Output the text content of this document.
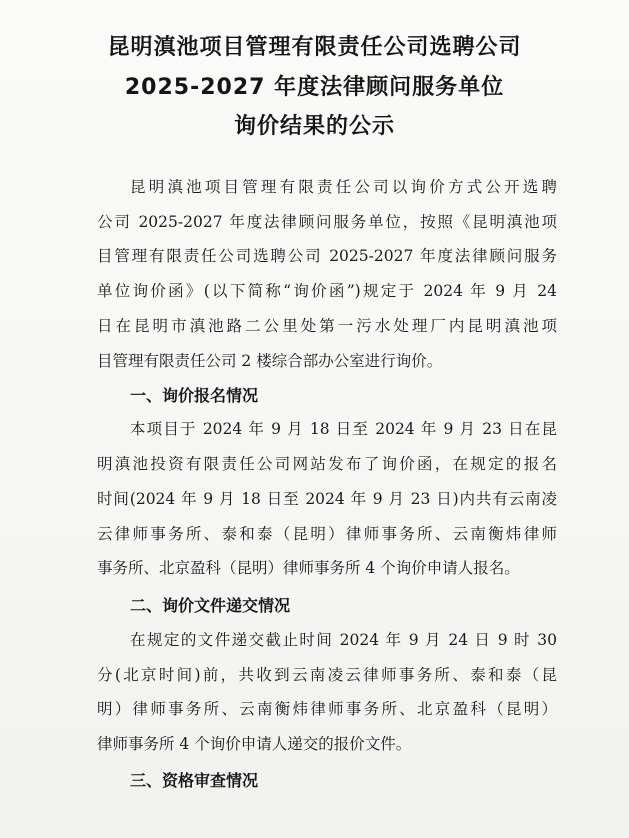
昆明滇池项目管理有限责任公司选聘公司
2025-2027 年度法律顾问服务单位
询价结果的公示
昆明滇池项目管理有限责任公司以询价方式公开选聘
公司 2025-2027 年度法律顾问服务单位，按照《昆明滇池项
目管理有限责任公司选聘公司 2025-2027 年度法律顾问服务
单位询价函》(以下简称“询价函”)规定于 2024 年 9 月 24
日在昆明市滇池路二公里处第一污水处理厂内昆明滇池项
目管理有限责任公司 2 楼综合部办公室进行询价。
一、询价报名情况
本项目于 2024 年 9 月 18 日至 2024 年 9 月 23 日在昆
明滇池投资有限责任公司网站发布了询价函，在规定的报名
时间(2024 年 9 月 18 日至 2024 年 9 月 23 日)内共有云南凌
云律师事务所、泰和泰（昆明）律师事务所、云南衡炜律师
事务所、北京盈科（昆明）律师事务所 4 个询价申请人报名。
二、询价文件递交情况
在规定的文件递交截止时间 2024 年 9 月 24 日 9 时 30
分(北京时间)前，共收到云南凌云律师事务所、泰和泰（昆
明）律师事务所、云南衡炜律师事务所、北京盈科（昆明）
律师事务所 4 个询价申请人递交的报价文件。
三、资格审查情况
